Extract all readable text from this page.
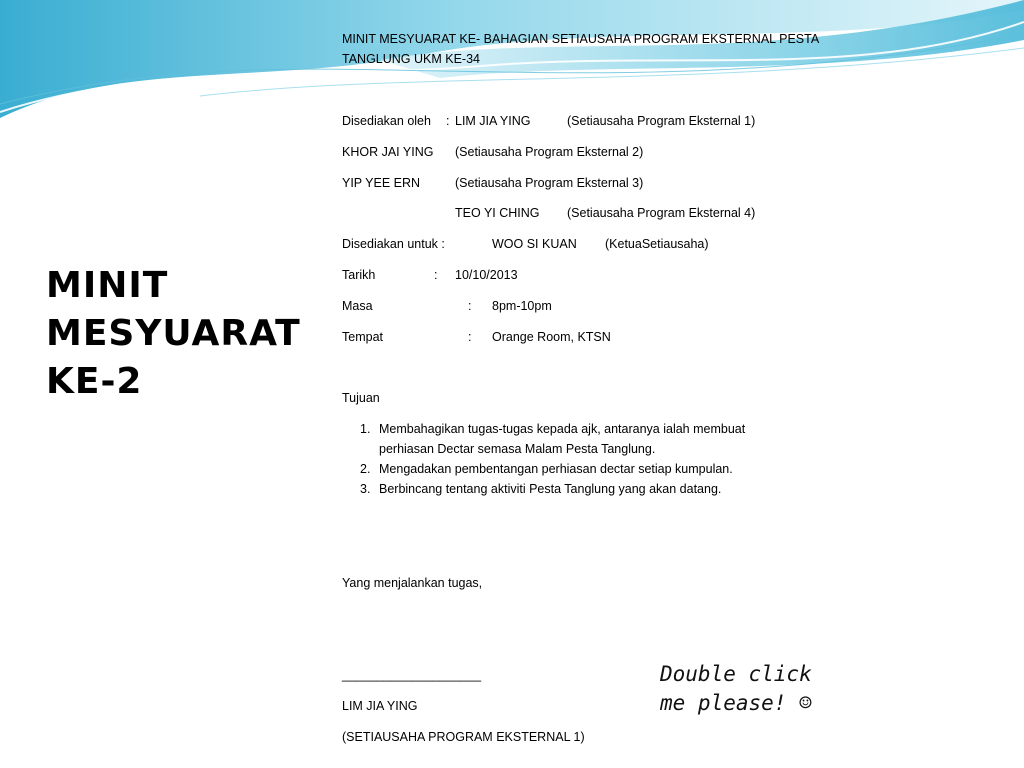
MINIT
MESYUARAT
KE-2
MINIT MESYUARAT KE- BAHAGIAN SETIAUSAHA PROGRAM EKSTERNAL PESTA
TANGLUNG UKM KE-34
Disediakan oleh : LIM JIA YING	(Setiausaha Program Eksternal 1)
KHOR JAI YING (Setiausaha Program Eksternal 2)
YIP YEE ERN	(Setiausaha Program Eksternal 3)
TEO YI CHING (Setiausaha Program Eksternal 4)
Disediakan untuk :	WOO SI KUAN (KetuaSetiausaha)
Tarikh	: 10/10/2013
Masa	: 8pm-10pm
Tempat	: Orange Room, KTSN
Tujuan
1. Membahagikan tugas-tugas kepada ajk, antaranya ialah membuat perhiasan Dectar semasa Malam Pesta Tanglung.
2. Mengadakan pembentangan perhiasan dectar setiap kumpulan.
3. Berbincang tentang aktiviti Pesta Tanglung yang akan datang.
Yang menjalankan tugas,
____________________
LIM JIA YING
(SETIAUSAHA PROGRAM EKSTERNAL 1)
Double click
me please! ☺
